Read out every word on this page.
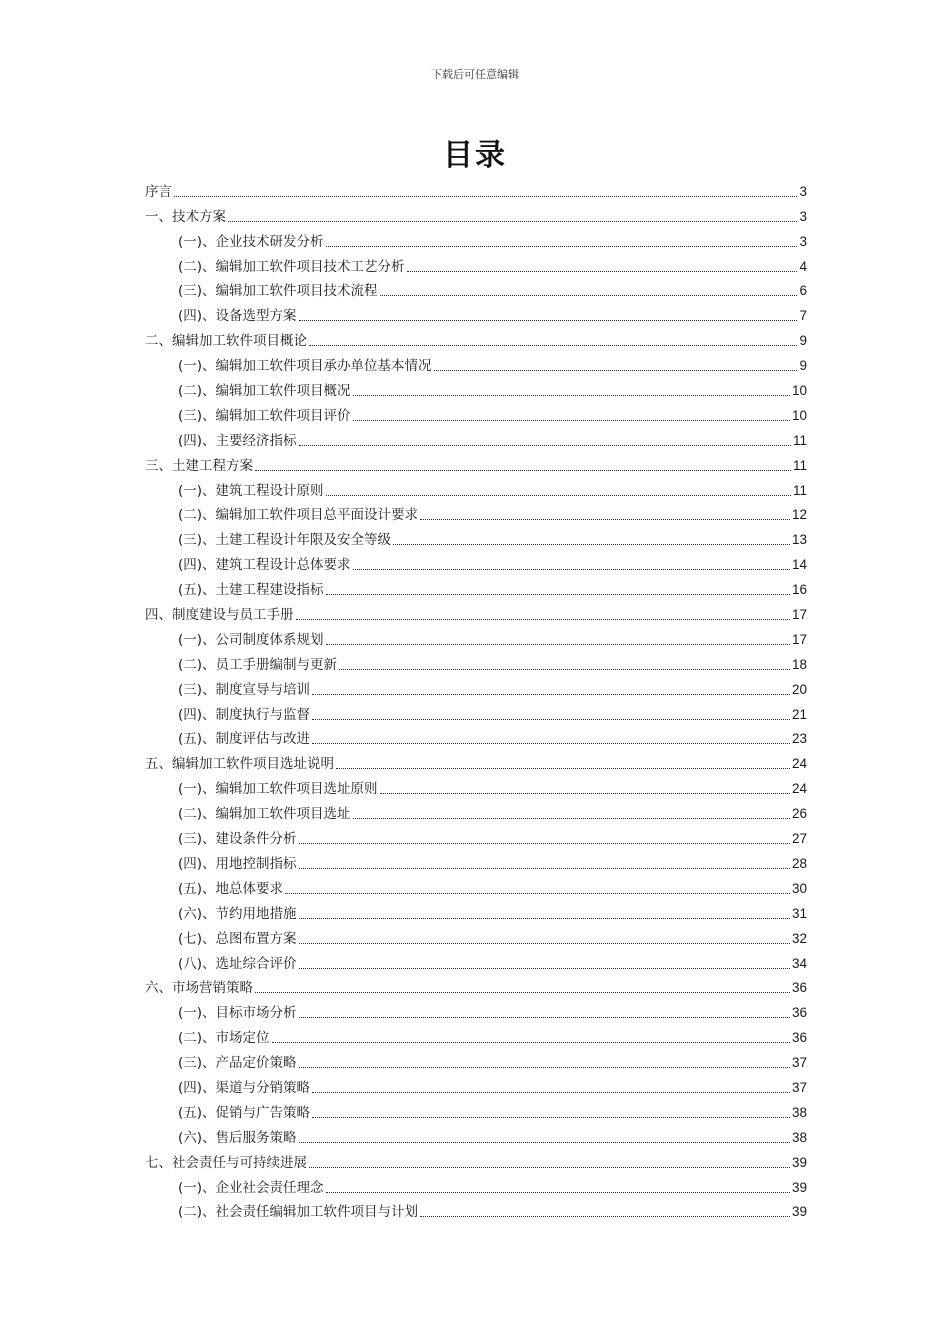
下载后可任意编辑
目录
序言	3
一、技术方案	3
(一)、企业技术研发分析	3
(二)、编辑加工软件项目技术工艺分析	4
(三)、编辑加工软件项目技术流程	6
(四)、设备选型方案	7
二、编辑加工软件项目概论	9
(一)、编辑加工软件项目承办单位基本情况	9
(二)、编辑加工软件项目概况	10
(三)、编辑加工软件项目评价	10
(四)、主要经济指标	11
三、土建工程方案	11
(一)、建筑工程设计原则	11
(二)、编辑加工软件项目总平面设计要求	12
(三)、土建工程设计年限及安全等级	13
(四)、建筑工程设计总体要求	14
(五)、土建工程建设指标	16
四、制度建设与员工手册	17
(一)、公司制度体系规划	17
(二)、员工手册编制与更新	18
(三)、制度宣导与培训	20
(四)、制度执行与监督	21
(五)、制度评估与改进	23
五、编辑加工软件项目选址说明	24
(一)、编辑加工软件项目选址原则	24
(二)、编辑加工软件项目选址	26
(三)、建设条件分析	27
(四)、用地控制指标	28
(五)、地总体要求	30
(六)、节约用地措施	31
(七)、总图布置方案	32
(八)、选址综合评价	34
六、市场营销策略	36
(一)、目标市场分析	36
(二)、市场定位	36
(三)、产品定价策略	37
(四)、渠道与分销策略	37
(五)、促销与广告策略	38
(六)、售后服务策略	38
七、社会责任与可持续进展	39
(一)、企业社会责任理念	39
(二)、社会责任编辑加工软件项目与计划	39
